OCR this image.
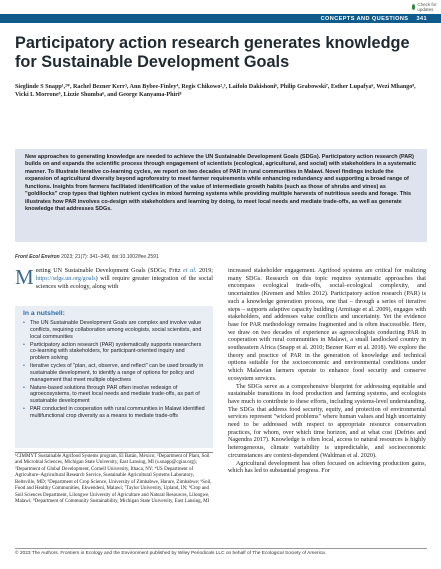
Check for updates
CONCEPTS AND QUESTIONS 341
Participatory action research generates knowledge for Sustainable Development Goals
Sieglinde S Snapp¹,²*, Rachel Bezner Kerr³, Ann Bybee-Finley⁴, Regis Chikowo²,⁵, Laifolo Dakishoni⁶, Philip Grabowski⁷, Esther Lupafya⁶, Wezi Mhango⁸, Vicki L Morrone⁹, Lizzie Shumba⁶, and George Kanyama-Phiri⁸
New approaches to generating knowledge are needed to achieve the UN Sustainable Development Goals (SDGs). Participatory action research (PAR) builds on and expands the scientific process through engagement of scientists (ecological, agricultural, and social) with stakeholders in a systematic manner. To illustrate iterative co-learning cycles, we report on two decades of PAR in rural communities in Malawi. Novel findings include the expansion of agricultural diversity beyond agroforestry to meet farmer requirements while enhancing redundancy and supporting a broad range of functions. Insights from farmers facilitated identification of the value of intermediate growth habits (such as those of shrubs and vines) as "goldilocks" crop types that tighten nutrient cycles in mixed farming systems while providing multiple harvests of nutritious seeds and forage. This illustrates how PAR involves co-design with stakeholders and learning by doing, to meet local needs and mediate trade-offs, as well as generate knowledge that addresses SDGs.
Front Ecol Environ 2023; 21(7): 341–349, doi:10.1002/fee.2591
Meeting UN Sustainable Development Goals (SDGs; Fritz et al. 2019; https://sdgs.un.org/goals) will require greater integration of the social sciences with ecology, along with
In a nutshell:
• The UN Sustainable Development Goals are complex and involve value conflicts, requiring collaboration among ecologists, social scientists, and local communities
• Participatory action research (PAR) systematically supports researchers co-learning with stakeholders, for participant-oriented inquiry and problem solving
• Iterative cycles of "plan, act, observe, and reflect" can be used broadly in sustainable development, to identify a range of options for policy and management that meet multiple objectives
• Nature-based solutions through PAR often involve redesign of agroecosystems, to meet local needs and mediate trade-offs, as part of sustainable development
• PAR conducted in cooperation with rural communities in Malawi identified multifunctional crop diversity as a means to mediate trade-offs
¹CIMMYT Sustainable Agrifood Systems program, El Batán, México; ²Department of Plant, Soil and Microbial Sciences, Michigan State University, East Lansing, MI (s.snapp@cgiar.org); ³Department of Global Development, Cornell University, Ithaca, NY; ⁴US Department of Agriculture–Agricultural Research Service, Sustainable Agricultural Systems Laboratory, Beltsville, MD; ⁵Department of Crop Science, University of Zimbabwe, Harare, Zimbabwe; ⁶Soil, Food and Healthy Communities, Ekwendeni, Malawi; ⁷Taylor University, Upland, IN; ⁸Crop and Soil Sciences Department, Lilongwe University of Agriculture and Natural Resources, Lilongwe, Malawi; ⁹Department of Community Sustainability, Michigan State University, East Lansing, MI

increased stakeholder engagement. Agrifood systems are critical for realizing many SDGs. Research on this topic requires systematic approaches that encompass ecological trade-offs, social–ecological complexity, and uncertainties (Kremen and Miles 2012). Participatory action research (PAR) is such a knowledge generation process, one that – through a series of iterative steps – supports adaptive capacity building (Armitage et al. 2009), engages with stakeholders, and addresses value conflicts and uncertainty. Yet the evidence base for PAR methodology remains fragmented and is often inaccessible. Here, we draw on two decades of experience as agroecologists conducting PAR in cooperation with rural communities in Malawi, a small landlocked country in southeastern Africa (Snapp et al. 2010; Bezner Kerr et al. 2018). We explore the theory and practice of PAR in the generation of knowledge and technical options suitable for the socioeconomic and environmental conditions under which Malawian farmers operate to enhance food security and conserve ecosystem services.

The SDGs serve as a comprehensive blueprint for addressing equitable and sustainable transitions in food production and farming systems, and ecologists have much to contribute to these efforts, including systems-level understanding. The SDGs that address food security, equity, and protection of environmental services represent "wicked problems" where human values and high uncertainty need to be addressed with respect to appropriate resource conservation practices, for whom, over which time horizon, and at what cost (Defries and Nagendra 2017). Knowledge is often local, access to natural resources is highly heterogeneous, climate variability is unpredictable, and socioeconomic circumstances are context-dependent (Waldman et al. 2020).

Agricultural development has often focused on achieving production gains, which has led to substantial progress. For

© 2023 The Authors. Frontiers in Ecology and the Environment published by Wiley Periodicals LLC on behalf of The Ecological Society of America.
